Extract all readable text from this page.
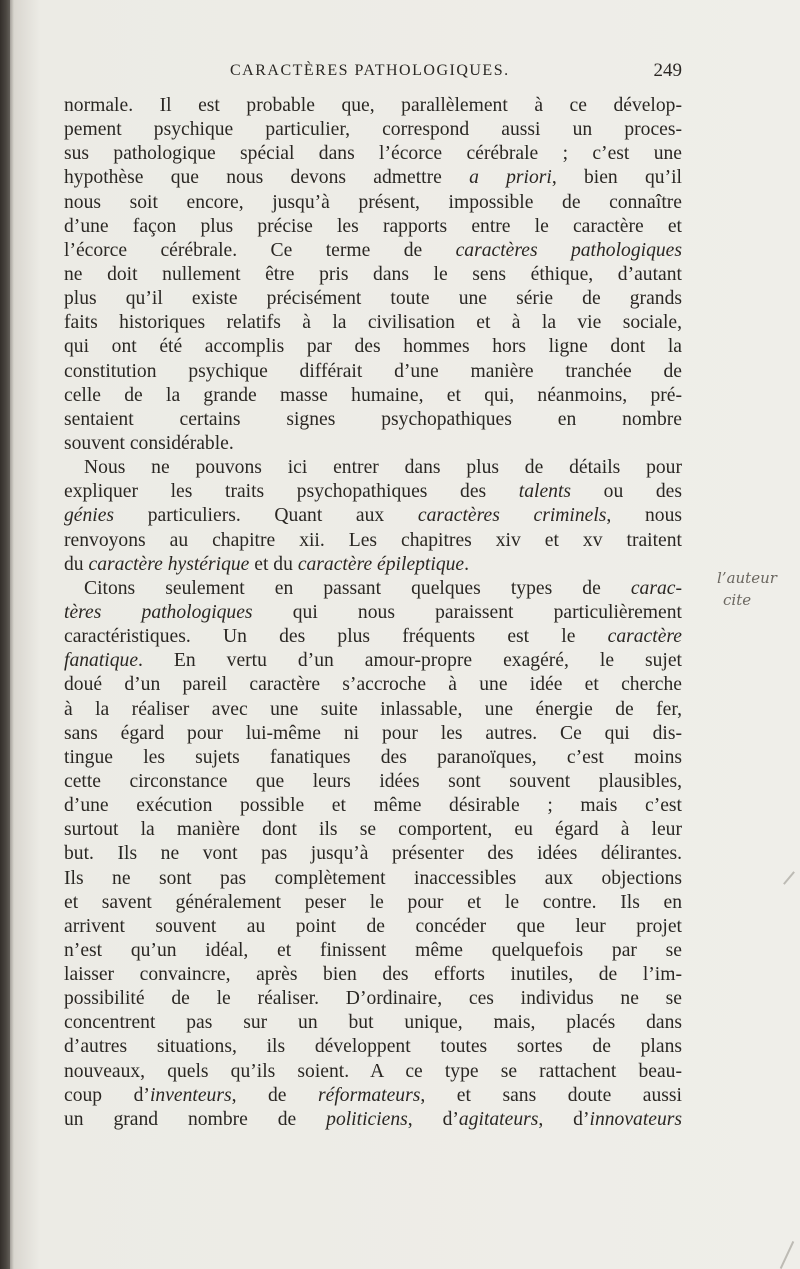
CARACTÈRES PATHOLOGIQUES.	249
normale. Il est probable que, parallèlement à ce dévelop-
pement psychique particulier, correspond aussi un proces-
sus pathologique spécial dans l’écorce cérébrale ; c’est une
hypothèse que nous devons admettre a priori, bien qu’il
nous soit encore, jusqu’à présent, impossible de connaître
d’une façon plus précise les rapports entre le caractère et
l’écorce cérébrale. Ce terme de caractères pathologiques
ne doit nullement être pris dans le sens éthique, d’autant
plus qu’il existe précisément toute une série de grands
faits historiques relatifs à la civilisation et à la vie sociale,
qui ont été accomplis par des hommes hors ligne dont la
constitution psychique différait d’une manière tranchée de
celle de la grande masse humaine, et qui, néanmoins, pré-
sentaient certains signes psychopathiques en nombre
souvent considérable.
Nous ne pouvons ici entrer dans plus de détails pour
expliquer les traits psychopathiques des talents ou des
génies particuliers. Quant aux caractères criminels, nous
renvoyons au chapitre xii. Les chapitres xiv et xv traitent
du caractère hystérique et du caractère épileptique.
Citons seulement en passant quelques types de carac-
tères pathologiques qui nous paraissent particulièrement
caractéristiques. Un des plus fréquents est le caractère
fanatique. En vertu d’un amour-propre exagéré, le sujet
doué d’un pareil caractère s’accroche à une idée et cherche
à la réaliser avec une suite inlassable, une énergie de fer,
sans égard pour lui-même ni pour les autres. Ce qui dis-
tingue les sujets fanatiques des paranoïques, c’est moins
cette circonstance que leurs idées sont souvent plausibles,
d’une exécution possible et même désirable ; mais c’est
surtout la manière dont ils se comportent, eu égard à leur
but. Ils ne vont pas jusqu’à présenter des idées délirantes.
Ils ne sont pas complètement inaccessibles aux objections
et savent généralement peser le pour et le contre. Ils en
arrivent souvent au point de concéder que leur projet
n’est qu’un idéal, et finissent même quelquefois par se
laisser convaincre, après bien des efforts inutiles, de l’im-
possibilité de le réaliser. D’ordinaire, ces individus ne se
concentrent pas sur un but unique, mais, placés dans
d’autres situations, ils développent toutes sortes de plans
nouveaux, quels qu’ils soient. A ce type se rattachent beau-
coup d’inventeurs, de réformateurs, et sans doute aussi
un grand nombre de politiciens, d’agitateurs, d’innovateurs
l’auteur
cite
